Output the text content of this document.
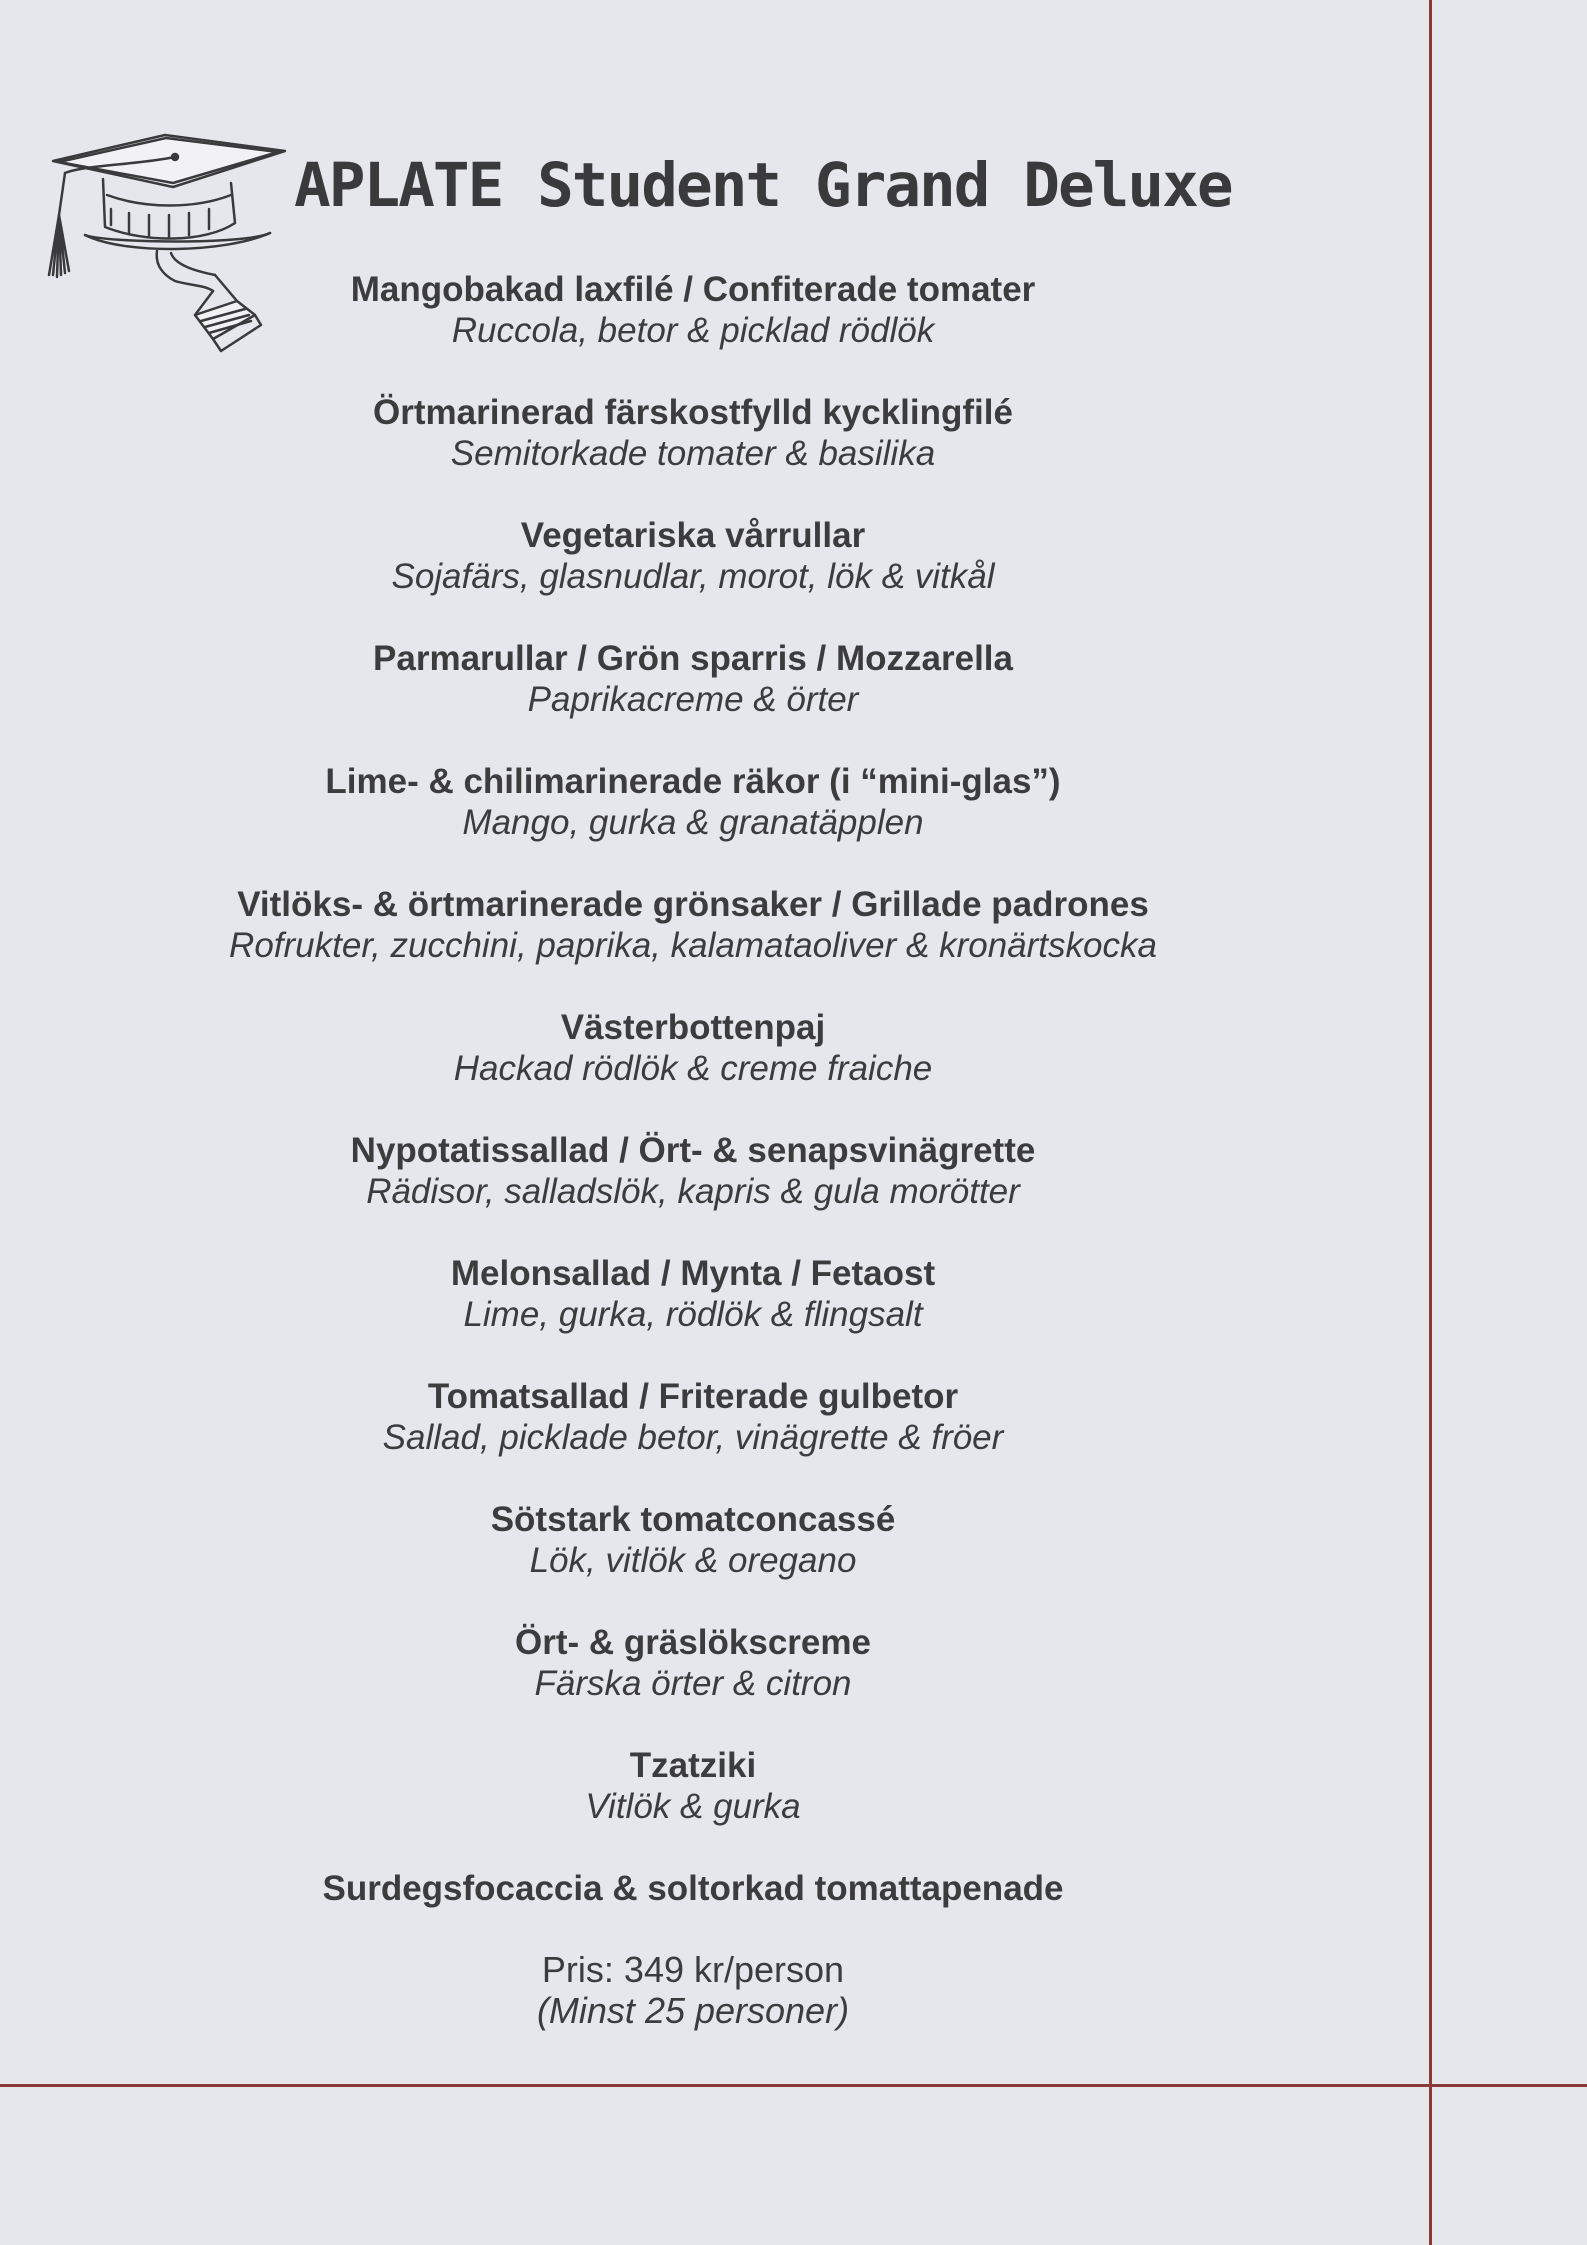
APLATE Student Grand Deluxe
Mangobakad laxfilé / Confiterade tomater
Ruccola, betor & picklad rödlök
Örtmarinerad färskostfylld kycklingfilé
Semitorkade tomater & basilika
Vegetariska vårrullar
Sojafärs, glasnudlar, morot, lök & vitkål
Parmarullar / Grön sparris / Mozzarella
Paprikacreme & örter
Lime- & chilimarinerade räkor (i “mini-glas”)
Mango, gurka & granatäpplen
Vitlöks- & örtmarinerade grönsaker / Grillade padrones
Rofrukter, zucchini, paprika, kalamataoliver & kronärtskocka
Västerbottenpaj
Hackad rödlök & creme fraiche
Nypotatissallad / Ört- & senapsvinägrette
Rädisor, salladslök, kapris & gula morötter
Melonsallad / Mynta / Fetaost
Lime, gurka, rödlök & flingsalt
Tomatsallad / Friterade gulbetor
Sallad, picklade betor, vinägrette & fröer
Sötstark tomatconcassé
Lök, vitlök & oregano
Ört- & gräslökscreme
Färska örter & citron
Tzatziki
Vitlök & gurka
Surdegsfocaccia & soltorkad tomattapenade
Pris: 349 kr/person
(Minst 25 personer)
